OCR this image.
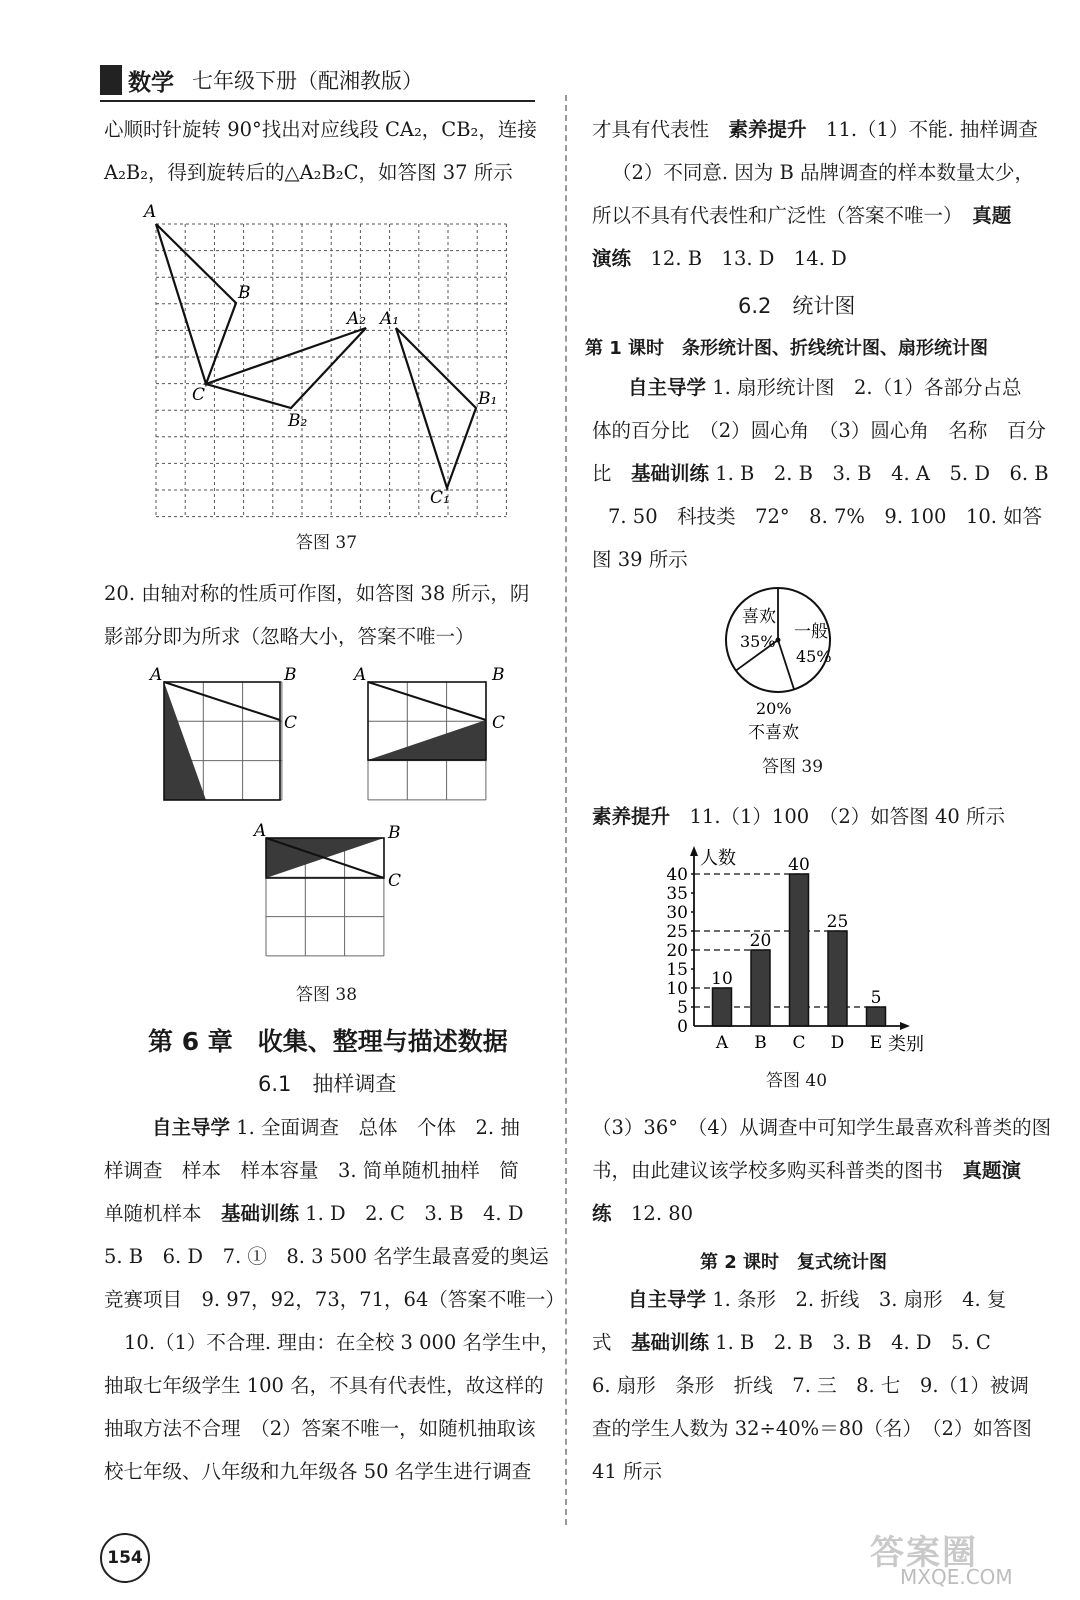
数学 七年级下册（配湘教版）

心顺时针旋转 90°找出对应线段 CA₂，CB₂，连接

A₂B₂，得到旋转后的△A₂B₂C，如答图 37 所示

A
B
C
A₂
B₂
A₁
B₁
C₁
答图 37

20. 由轴对称的性质可作图，如答图 38 所示，阴

影部分即为所求（忽略大小，答案不唯一）

A	B
C
A	B
C
A	B
C
答图 38
第 6 章　收集、整理与描述数据
6.1　抽样调查

自主导学 1. 全面调查　总体　个体　2. 抽

样调查　样本　样本容量　3. 简单随机抽样　简

单随机样本　基础训练 1. D　2. C　3. B　4. D

5. B　6. D　7. ①　8. 3 500 名学生最喜爱的奥运

竞赛项目　9. 97，92，73，71，64（答案不唯一）

10.（1）不合理. 理由：在全校 3 000 名学生中，

抽取七年级学生 100 名，不具有代表性，故这样的

抽取方法不合理　（2）答案不唯一，如随机抽取该

校七年级、八年级和九年级各 50 名学生进行调查

才具有代表性　素养提升　11.（1）不能. 抽样调查

（2）不同意. 因为 B 品牌调查的样本数量太少，

所以不具有代表性和广泛性（答案不唯一）　真题

演练　12. B　13. D　14. D

6.2　统计图
第 1 课时　条形统计图、折线统计图、扇形统计图

自主导学 1. 扇形统计图　2.（1）各部分占总

体的百分比　（2）圆心角　（3）圆心角　名称　百分

比　基础训练 1. B　2. B　3. B　4. A　5. D　6. B

7. 50　科技类　72°　8. 7%　9. 100　10. 如答

图 39 所示

喜欢
35% 一般
45%
20%
不喜欢
答图 39

素养提升　11.（1）100　（2）如答图 40 所示

0
5
10
15
20
25
30
35
40
A B C D E
10
20
40
25
5
人数
类别
答图 40

（3）36°　（4）从调查中可知学生最喜欢科普类的图

书，由此建议该学校多购买科普类的图书　真题演

练　12. 80

第 2 课时　复式统计图

自主导学 1. 条形　2. 折线　3. 扇形　4. 复

式　基础训练 1. B　2. B　3. B　4. D　5. C

6. 扇形　条形　折线　7. 三　8. 七　9.（1）被调

查的学生人数为 32÷40%＝80（名）　（2）如答图

41 所示

154	答案圈
MXQE.COM
